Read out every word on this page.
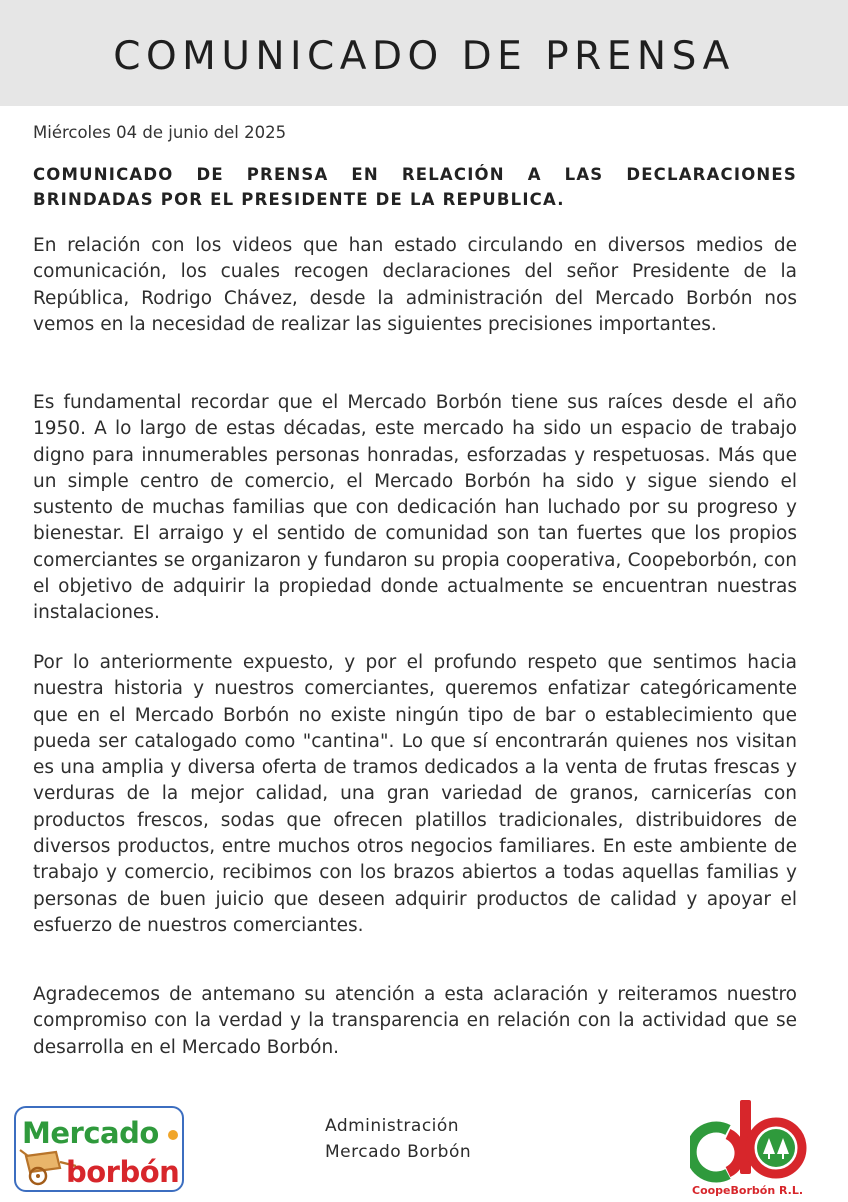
COMUNICADO DE PRENSA
Miércoles 04 de junio del 2025
COMUNICADO DE PRENSA EN RELACIÓN A LAS DECLARACIONES BRINDADAS POR EL PRESIDENTE DE LA REPUBLICA.

En relación con los videos que han estado circulando en diversos medios de comunicación, los cuales recogen declaraciones del señor Presidente de la República, Rodrigo Chávez, desde la administración del Mercado Borbón nos vemos en la necesidad de realizar las siguientes precisiones importantes.

Es fundamental recordar que el Mercado Borbón tiene sus raíces desde el año 1950. A lo largo de estas décadas, este mercado ha sido un espacio de trabajo digno para innumerables personas honradas, esforzadas y respetuosas. Más que un simple centro de comercio, el Mercado Borbón ha sido y sigue siendo el sustento de muchas familias que con dedicación han luchado por su progreso y bienestar. El arraigo y el sentido de comunidad son tan fuertes que los propios comerciantes se organizaron y fundaron su propia cooperativa, Coopeborbón, con el objetivo de adquirir la propiedad donde actualmente se encuentran nuestras instalaciones.

Por lo anteriormente expuesto, y por el profundo respeto que sentimos hacia nuestra historia y nuestros comerciantes, queremos enfatizar categóricamente que en el Mercado Borbón no existe ningún tipo de bar o establecimiento que pueda ser catalogado como "cantina". Lo que sí encontrarán quienes nos visitan es una amplia y diversa oferta de tramos dedicados a la venta de frutas frescas y verduras de la mejor calidad, una gran variedad de granos, carnicerías con productos frescos, sodas que ofrecen platillos tradicionales, distribuidores de diversos productos, entre muchos otros negocios familiares. En este ambiente de trabajo y comercio, recibimos con los brazos abiertos a todas aquellas familias y personas de buen juicio que deseen adquirir productos de calidad y apoyar el esfuerzo de nuestros comerciantes.

Agradecemos de antemano su atención a esta aclaración y reiteramos nuestro compromiso con la verdad y la transparencia en relación con la actividad que se desarrolla en el Mercado Borbón.

Mercado
borbón
Administración
Mercado Borbón
CoopeBorbón R.L.
